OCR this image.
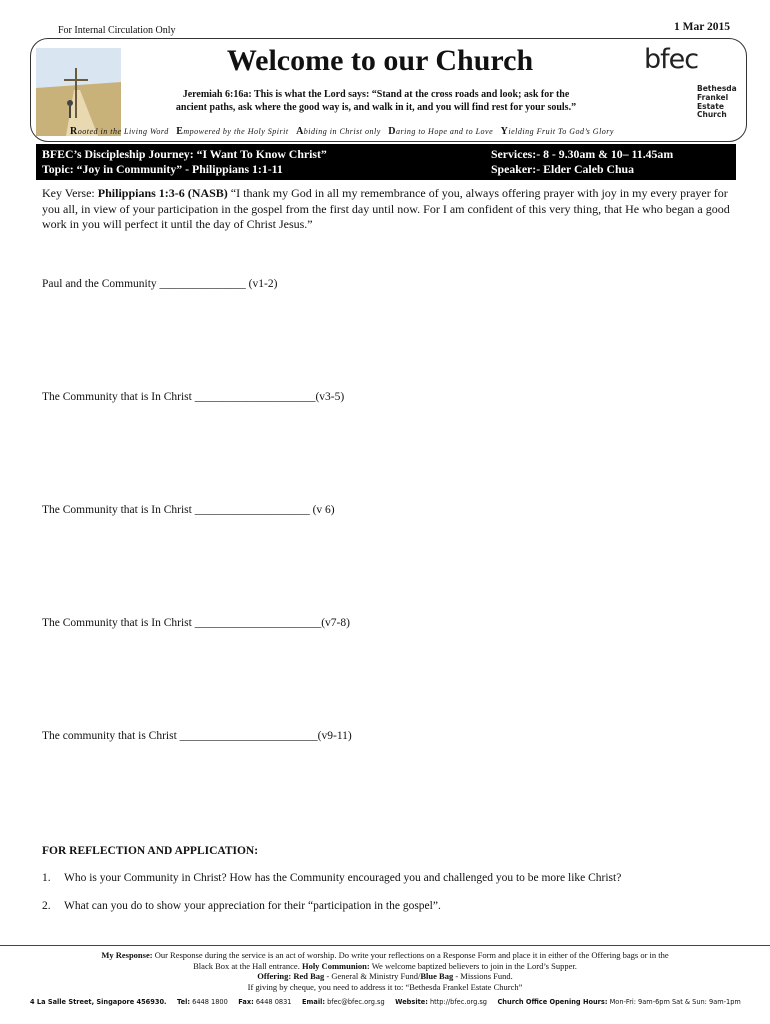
For Internal Circulation Only	1 Mar 2015
Welcome to our Church
Jeremiah 6:16a: This is what the Lord says: “Stand at the cross roads and look; ask for the
ancient paths, ask where the good way is, and walk in it, and you will find rest for your souls.”
bfec
Bethesda
Frankel
Estate
Church
Rooted in the Living Word Empowered by the Holy Spirit Abiding in Christ only Daring to Hope and to Love Yielding Fruit To God’s Glory
BFEC’s Discipleship Journey: “I Want To Know Christ”
Topic: “Joy in Community” - Philippians 1:1-11
Services:- 8 - 9.30am & 10– 11.45am
Speaker:- Elder Caleb Chua
Key Verse: Philippians 1:3-6 (NASB) “I thank my God in all my remembrance of you, always offering prayer with joy in my every prayer for you all, in view of your participation in the gospel from the first day until now. For I am confident of this very thing, that He who began a good work in you will perfect it until the day of Christ Jesus.”
Paul and the Community _______________ (v1-2)
The Community that is In Christ _____________________(v3-5)
The Community that is In Christ ____________________ (v 6)
The Community that is In Christ ______________________(v7-8)
The community that is Christ ________________________(v9-11)
FOR REFLECTION AND APPLICATION:
1. Who is your Community in Christ? How has the Community encouraged you and challenged you to be more like Christ?
2. What can you do to show your appreciation for their “participation in the gospel”.
My Response: Our Response during the service is an act of worship. Do write your reflections on a Response Form and place it in either of the Offering bags or in the
Black Box at the Hall entrance. Holy Communion: We welcome baptized believers to join in the Lord’s Supper.
Offering: Red Bag - General & Ministry Fund/Blue Bag - Missions Fund.
If giving by cheque, you need to address it to: “Bethesda Frankel Estate Church”
4 La Salle Street, Singapore 456930. Tel: 6448 1800 Fax: 6448 0831 Email: bfec@bfec.org.sg Website: http://bfec.org.sg Church Office Opening Hours: Mon-Fri: 9am-6pm Sat & Sun: 9am-1pm
